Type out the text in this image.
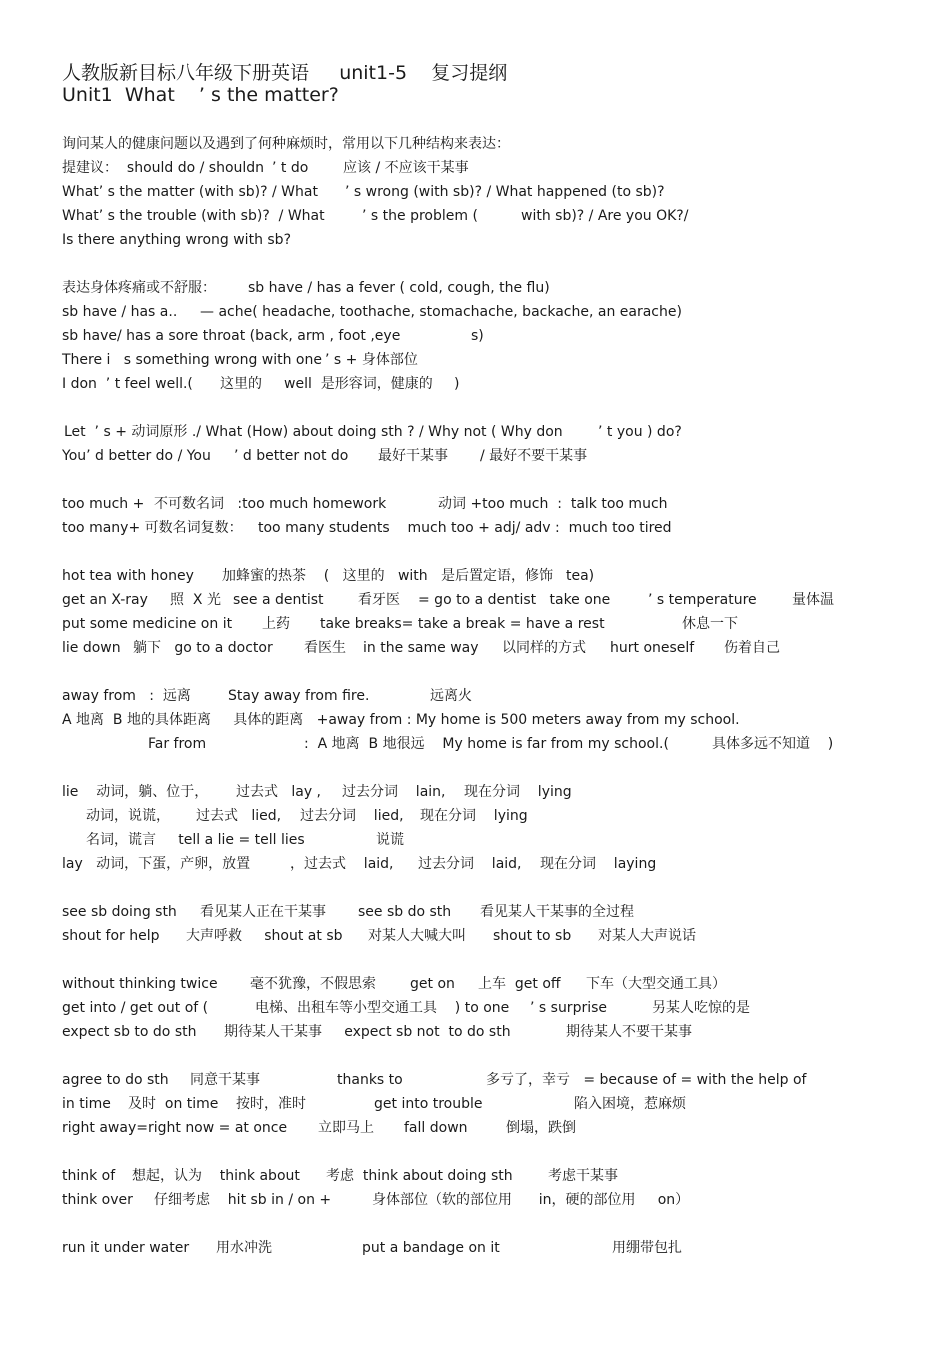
人教版新目标八年级下册英语     unit1-5    复习提纲
Unit1  What    ’ s the matter?
询问某人的健康问题以及遇到了何种麻烦时，常用以下几种结构来表达：
提建议：  should do / shouldn ’ t do 应该 / 不应该干某事
What’ s the matter (with sb)? / What ’ s wrong (with sb)? / What happened (to sb)?
What’ s the trouble (with sb)?  / What	’ s the problem (	with sb)? / Are you OK?/
Is there anything wrong with sb?
表达身体疼痛或不舒服： sb have / has a fever ( cold, cough, the flu)
sb have / has a.. — ache( headache, toothache, stomachache, backache, an earache)
sb have/ has a sore throat (back, arm , foot ,eye	s)
There i   s something wrong with one ’ s + 身体部位
I don  ’ t feel well.( 这里的 well  是形容词，健康的 )
Let  ’ s + 动词原形 ./ What (How) about doing sth ? / Why not ( Why don	’ t you ) do?
You’ d better do / You ’ d better not do 最好干某事 / 最好不要干某事
too much + 不可数名词   :too much homework	动词 +too much  :  talk too much
too many+ 可数名词复数： too many students    much too + adj/ adv :  much too tired
hot tea with honey 加蜂蜜的热茶    (   这里的   with   是后置定语，修饰 tea)
get an X-ray 照  X 光 see a dentist 看牙医 = go to a dentist   take one	’ s temperature	量体温
put some medicine on it 上药 take breaks= take a break = have a rest	休息一下
lie down 躺下   go to a doctor 看医生 in the same way 以同样的方式 hurt oneself 伤着自己
away from   :  远离	Stay away from fire.	远离火
A 地离  B 地的具体距离     具体的距离   +away from : My home is 500 meters away from my school.
Far from	:  A 地离  B 地很远    My home is far from my school.(	具体多远不知道    )
lie    动词，躺、位于， 过去式   lay , 过去分词    lain, 现在分词    lying
动词，说谎， 过去式   lied, 过去分词    lied, 现在分词    lying
名词，谎言     tell a lie = tell lies	说谎
lay   动词，下蛋，产卵，放置	，过去式    laid, 过去分词    laid, 现在分词    laying
see sb doing sth 看见某人正在干某事 see sb do sth 看见某人干某事的全过程
shout for help 大声呼救     shout at sb 对某人大喊大叫 shout to sb 对某人大声说话
without thinking twice 毫不犹豫，不假思索 get on 上车  get off 下车（大型交通工具）
get into / get out of (	电梯、出租车等小型交通工具    ) to one ’ s surprise	另某人吃惊的是
expect sb to do sth 期待某人干某事     expect sb not  to do sth	期待某人不要干某事
agree to do sth 同意干某事	thanks to	多亏了，幸亏   = because of = with the help of
in time 及时  on time 按时，准时	get into trouble	陷入困境，惹麻烦
right away=right now = at once 立即马上 fall down	倒塌，跌倒
think of 想起，认为    think about 考虑  think about doing sth	考虑干某事
think over 仔细考虑    hit sb in / on +	身体部位（软的部位用      in，硬的部位用     on）
run it under water 用水冲洗	put a bandage on it	用绷带包扎
